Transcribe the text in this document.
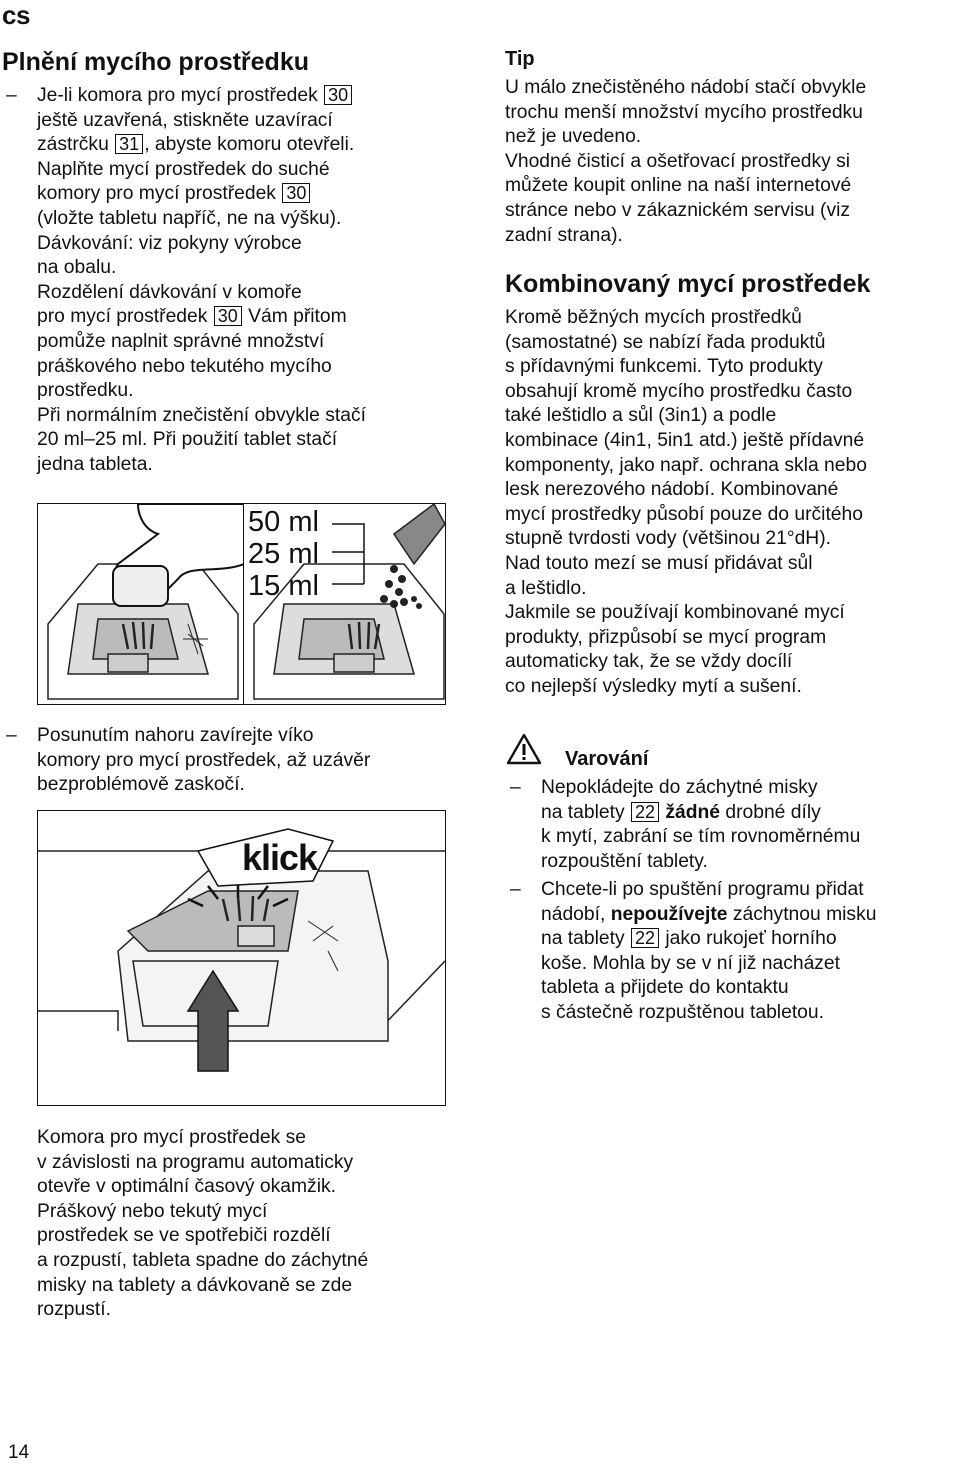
cs
Plnění mycího prostředku
– Je-li komora pro mycí prostředek 30

ještě uzavřená, stiskněte uzavírací

zástrčku 31 , abyste komoru otevřeli.

Naplňte mycí prostředek do suché

komory pro mycí prostředek 30

(vložte tabletu napříč, ne na výšku).

Dávkování: viz pokyny výrobce

na obalu.

Rozdělení dávkování v komoře

pro mycí prostředek 30 Vám přitom

pomůže naplnit správné množství

práškového nebo tekutého mycího

prostředku.

Při normálním znečistění obvykle stačí

20 ml–25 ml. Při použití tablet stačí

jedna tableta.

50 ml
25 ml
15 ml
– Posunutím nahoru zavírejte víko

komory pro mycí prostředek, až uzávěr

bezproblémově zaskočí.

klick

Komora pro mycí prostředek se

v závislosti na programu automaticky

otevře v optimální časový okamžik.

Práškový nebo tekutý mycí

prostředek se ve spotřebiči rozdělí

a rozpustí, tableta spadne do záchytné

misky na tablety a dávkovaně se zde

rozpustí.

Tip

U málo znečistěného nádobí stačí obvykle

trochu menší množství mycího prostředku

než je uvedeno.

Vhodné čisticí a ošetřovací prostředky si

můžete koupit online na naší internetové

stránce nebo v zákaznickém servisu (viz

zadní strana).

Kombinovaný mycí prostředek

Kromě běžných mycích prostředků

(samostatné) se nabízí řada produktů

s přídavnými funkcemi. Tyto produkty

obsahují kromě mycího prostředku často

také leštidlo a sůl (3in1) a podle

kombinace (4in1, 5in1 atd.) ještě přídavné

komponenty, jako např. ochrana skla nebo

lesk nerezového nádobí. Kombinované

mycí prostředky působí pouze do určitého

stupně tvrdosti vody (většinou 21°dH).

Nad touto mezí se musí přidávat sůl

a leštidlo.

Jakmile se používají kombinované mycí

produkty, přizpůsobí se mycí program

automaticky tak, že se vždy docílí

co nejlepší výsledky mytí a sušení.

Varování
– Nepokládejte do záchytné misky

na tablety 22 žádné drobné díly

k mytí, zabrání se tím rovnoměrnému

rozpouštění tablety.

– Chcete-li po spuštění programu přidat

nádobí, nepoužívejte záchytnou misku

na tablety 22 jako rukojeť horního

koše. Mohla by se v ní již nacházet

tableta a přijdete do kontaktu

s částečně rozpuštěnou tabletou.

14
